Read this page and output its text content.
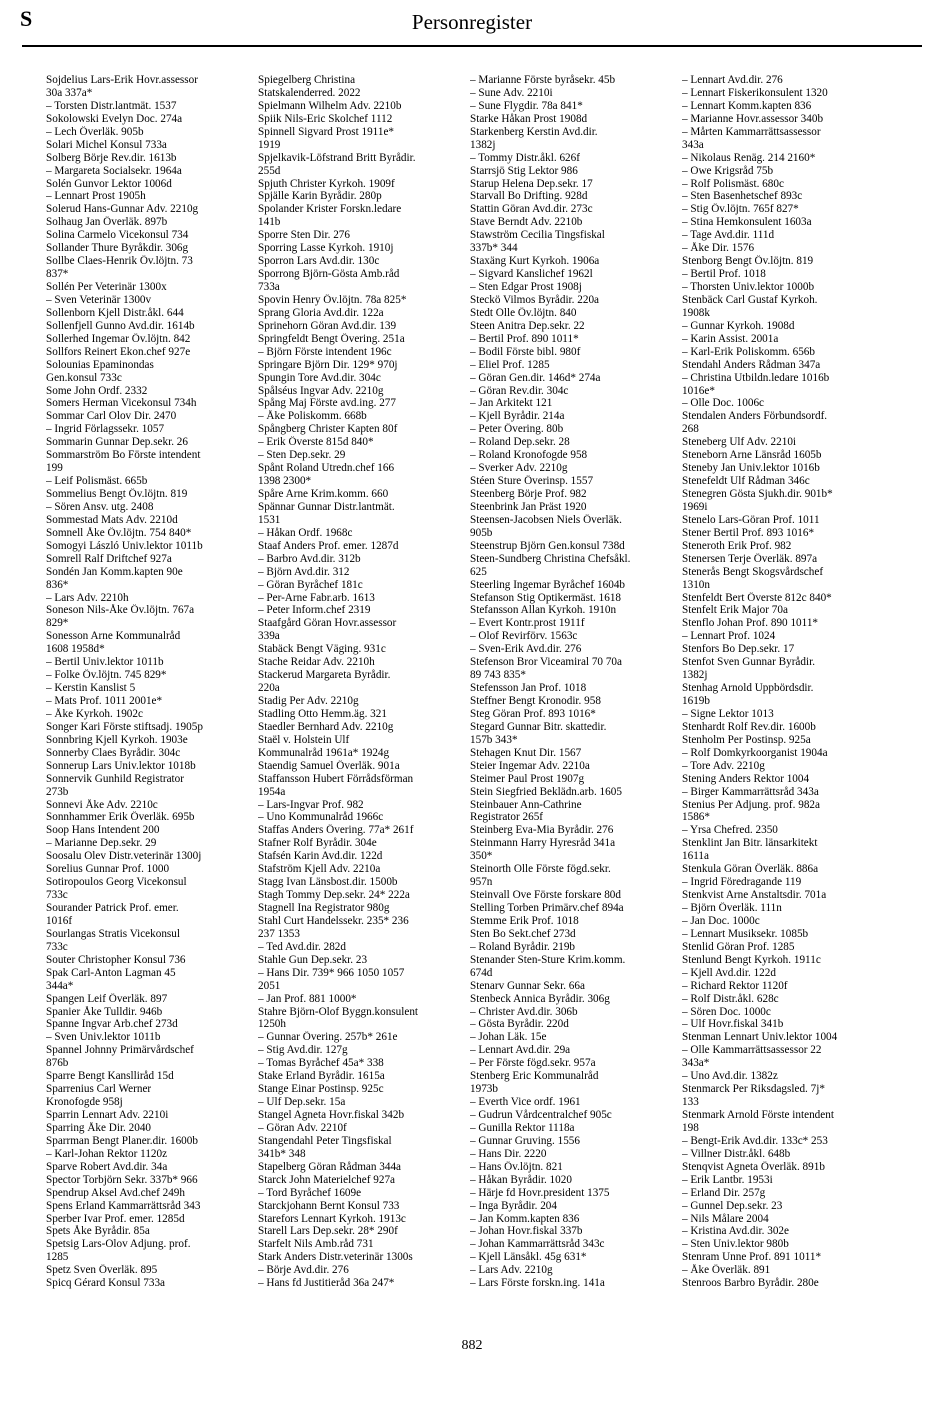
S	Personregister
Sojdelius Lars-Erik Hovr.assessor
30a 337a*
– Torsten Distr.lantmät. 1537
Sokolowski Evelyn Doc. 274a
– Lech Överläk. 905b
Solari Michel Konsul 733a
Solberg Börje Rev.dir. 1613b
– Margareta Socialsekr. 1964a
Solén Gunvor Lektor 1006d
– Lennart Prost 1905h
Solerud Hans-Gunnar Adv. 2210g
Solhaug Jan Överläk. 897b
Solina Carmelo Vicekonsul 734
Sollander Thure Byråkdir. 306g
Sollbe Claes-Henrik Öv.löjtn. 73
837*
Sollén Per Veterinär 1300x
– Sven Veterinär 1300v
Sollenborn Kjell Distr.åkl. 644
Sollenfjell Gunno Avd.dir. 1614b
Sollerhed Ingemar Öv.löjtn. 842
Sollfors Reinert Ekon.chef 927e
Solounias Epaminondas
Gen.konsul 733c
Some John Ordf. 2332
Somers Herman Vicekonsul 734h
Sommar Carl Olov Dir. 2470
– Ingrid Förlagssekr. 1057
Sommarin Gunnar Dep.sekr. 26
Sommarström Bo Förste intendent
199
– Leif Polismäst. 665b
Sommelius Bengt Öv.löjtn. 819
– Sören Ansv. utg. 2408
Sommestad Mats Adv. 2210d
Somnell Åke Öv.löjtn. 754 840*
Somogyi László Univ.lektor 1011b
Somrell Ralf Driftchef 927a
Sondén Jan Komm.kapten 90e
836*
– Lars Adv. 2210h
Soneson Nils-Åke Öv.löjtn. 767a
829*
Sonesson Arne Kommunalråd
1608 1958d*
– Bertil Univ.lektor 1011b
– Folke Öv.löjtn. 745 829*
– Kerstin Kanslist 5
– Mats Prof. 1011 2001e*
– Åke Kyrkoh. 1902c
Songer Kari Förste stiftsadj. 1905p
Sonnbring Kjell Kyrkoh. 1903e
Sonnerby Claes Byrådir. 304c
Sonnerup Lars Univ.lektor 1018b
Sonnervik Gunhild Registrator
273b
Sonnevi Åke Adv. 2210c
Sonnhammer Erik Överläk. 695b
Soop Hans Intendent 200
– Marianne Dep.sekr. 29
Soosalu Olev Distr.veterinär 1300j
Sorelius Gunnar Prof. 1000
Sotiropoulos Georg Vicekonsul
733c
Sourander Patrick Prof. emer.
1016f
Sourlangas Stratis Vicekonsul
733c
Souter Christopher Konsul 736
Spak Carl-Anton Lagman 45
344a*
Spangen Leif Överläk. 897
Spanier Åke Tulldir. 946b
Spanne Ingvar Arb.chef 273d
– Sven Univ.lektor 1011b
Spannel Johnny Primärvårdschef
876b
Sparre Bengt Kanslliråd 15d
Sparrenius Carl Werner
Kronofogde 958j
Sparrin Lennart Adv. 2210i
Sparring Åke Dir. 2040
Sparrman Bengt Planer.dir. 1600b
– Karl-Johan Rektor 1120z
Sparve Robert Avd.dir. 34a
Spector Torbjörn Sekr. 337b* 966
Spendrup Aksel Avd.chef 249h
Spens Erland Kammarrättsråd 343
Sperber Ivar Prof. emer. 1285d
Spets Åke Byrådir. 85a
Spetsig Lars-Olov Adjung. prof.
1285
Spetz Sven Överläk. 895
Spicq Gérard Konsul 733a
Spiegelberg Christina
Statskalenderred. 2022
Spielmann Wilhelm Adv. 2210b
Spiik Nils-Eric Skolchef 1112
Spinnell Sigvard Prost 1911e*
1919
Spjelkavik-Löfstrand Britt Byrådir.
255d
Spjuth Christer Kyrkoh. 1909f
Spjälle Karin Byrådir. 280p
Spolander Krister Forskn.ledare
141b
Sporre Sten Dir. 276
Sporring Lasse Kyrkoh. 1910j
Sporron Lars Avd.dir. 130c
Sporrong Björn-Gösta Amb.råd
733a
Spovin Henry Öv.löjtn. 78a 825*
Sprang Gloria Avd.dir. 122a
Sprinehorn Göran Avd.dir. 139
Springfeldt Bengt Övering. 251a
– Björn Förste intendent 196c
Springare Björn Dir. 129* 970j
Spungin Tore Avd.dir. 304c
Spålséus Ingvar Adv. 2210g
Spång Maj Förste avd.ing. 277
– Åke Poliskomm. 668b
Spångberg Christer Kapten 80f
– Erik Överste 815d 840*
– Sten Dep.sekr. 29
Spånt Roland Utredn.chef 166
1398 2300*
Spåre Arne Krim.komm. 660
Spännar Gunnar Distr.lantmät.
1531
– Håkan Ordf. 1968c
Staaf Anders Prof. emer. 1287d
– Barbro Avd.dir. 312b
– Björn Avd.dir. 312
– Göran Byråchef 181c
– Per-Arne Fabr.arb. 1613
– Peter Inform.chef 2319
Staafgård Göran Hovr.assessor
339a
Stabäck Bengt Väging. 931c
Stache Reidar Adv. 2210h
Stackerud Margareta Byrådir.
220a
Stadig Per Adv. 2210g
Stadling Otto Hemm.äg. 321
Staedler Bernhard Adv. 2210g
Staël v. Holstein Ulf
Kommunalråd 1961a* 1924g
Staendig Samuel Överläk. 901a
Staffansson Hubert Förrådsförman
1954a
– Lars-Ingvar Prof. 982
– Uno Kommunalråd 1966c
Staffas Anders Övering. 77a* 261f
Stafner Rolf Byrådir. 304e
Stafsén Karin Avd.dir. 122d
Stafström Kjell Adv. 2210a
Stagg Ivan Länsbost.dir. 1500b
Stagh Tommy Dep.sekr. 24* 222a
Stagnell Ina Registrator 980g
Stahl Curt Handelssekr. 235* 236
237 1353
– Ted Avd.dir. 282d
Stahle Gun Dep.sekr. 23
– Hans Dir. 739* 966 1050 1057
2051
– Jan Prof. 881 1000*
Stahre Björn-Olof Byggn.konsulent
1250h
– Gunnar Övering. 257b* 261e
– Stig Avd.dir. 127g
– Tomas Byråchef 45a* 338
Stake Erland Byrådir. 1615a
Stange Einar Postinsp. 925c
– Ulf Dep.sekr. 15a
Stangel Agneta Hovr.fiskal 342b
– Göran Adv. 2210f
Stangendahl Peter Tingsfiskal
341b* 348
Stapelberg Göran Rådman 344a
Starck John Materielchef 927a
– Tord Byråchef 1609e
Starckjohann Bernt Konsul 733
Starefors Lennart Kyrkoh. 1913c
Starell Lars Dep.sekr. 28* 290f
Starfelt Nils Amb.råd 731
Stark Anders Distr.veterinär 1300s
– Börje Avd.dir. 276
– Hans fd Justitieråd 36a 247*
– Marianne Förste byråsekr. 45b
– Sune Adv. 2210i
– Sune Flygdir. 78a 841*
Starke Håkan Prost 1908d
Starkenberg Kerstin Avd.dir.
1382j
– Tommy Distr.åkl. 626f
Starrsjö Stig Lektor 986
Starup Helena Dep.sekr. 17
Starvall Bo Drifting. 928d
Stattin Göran Avd.dir. 273c
Stave Berndt Adv. 2210b
Stawström Cecilia Tingsfiskal
337b* 344
Staxäng Kurt Kyrkoh. 1906a
– Sigvard Kanslichef 1962l
– Sten Edgar Prost 1908j
Steckö Vilmos Byrådir. 220a
Stedt Olle Öv.löjtn. 840
Steen Anitra Dep.sekr. 22
– Bertil Prof. 890 1011*
– Bodil Förste bibl. 980f
– Eliel Prof. 1285
– Göran Gen.dir. 146d* 274a
– Göran Rev.dir. 304c
– Jan Arkitekt 121
– Kjell Byrådir. 214a
– Peter Övering. 80b
– Roland Dep.sekr. 28
– Roland Kronofogde 958
– Sverker Adv. 2210g
Stéen Sture Överinsp. 1557
Steenberg Börje Prof. 982
Steenbrink Jan Präst 1920
Steensen-Jacobsen Niels Överläk.
905b
Steenstrup Björn Gen.konsul 738d
Steen-Sundberg Christina Chefsåkl.
625
Steerling Ingemar Byråchef 1604b
Stefanson Stig Optikermäst. 1618
Stefansson Allan Kyrkoh. 1910n
– Evert Kontr.prost 1911f
– Olof Revirförv. 1563c
– Sven-Erik Avd.dir. 276
Stefenson Bror Viceamiral 70 70a
89 743 835*
Stefensson Jan Prof. 1018
Steffner Bengt Kronodir. 958
Steg Göran Prof. 893 1016*
Stegard Gunnar Bitr. skattedir.
157b 343*
Stehagen Knut Dir. 1567
Steier Ingemar Adv. 2210a
Steimer Paul Prost 1907g
Stein Siegfried Beklädn.arb. 1605
Steinbauer Ann-Cathrine
Registrator 265f
Steinberg Eva-Mia Byrådir. 276
Steinmann Harry Hyresråd 341a
350*
Steinorth Olle Förste fögd.sekr.
957n
Steinvall Ove Förste forskare 80d
Stelling Torben Primärv.chef 894a
Stemme Erik Prof. 1018
Sten Bo Sekt.chef 273d
– Roland Byrådir. 219b
Stenander Sten-Sture Krim.komm.
674d
Stenarv Gunnar Sekr. 66a
Stenbeck Annica Byrådir. 306g
– Christer Avd.dir. 306b
– Gösta Byrådir. 220d
– Johan Läk. 15e
– Lennart Avd.dir. 29a
– Per Förste fögd.sekr. 957a
Stenberg Eric Kommunalråd
1973b
– Everth Vice ordf. 1961
– Gudrun Vårdcentralchef 905c
– Gunilla Rektor 1118a
– Gunnar Gruving. 1556
– Hans Dir. 2220
– Hans Öv.löjtn. 821
– Håkan Byrådir. 1020
– Härje fd Hovr.president 1375
– Inga Byrådir. 204
– Jan Komm.kapten 836
– Johan Hovr.fiskal 337b
– Johan Kammarrättsråd 343c
– Kjell Länsåkl. 45g 631*
– Lars Adv. 2210g
– Lars Förste forskn.ing. 141a
– Lennart Avd.dir. 276
– Lennart Fiskerikonsulent 1320
– Lennart Komm.kapten 836
– Marianne Hovr.assessor 340b
– Mårten Kammarrättsassessor
343a
– Nikolaus Renäg. 214 2160*
– Owe Krigsråd 75b
– Rolf Polismäst. 680c
– Sten Basenhetschef 893c
– Stig Öv.löjtn. 765f 827*
– Stina Hemkonsulent 1603a
– Tage Avd.dir. 111d
– Åke Dir. 1576
Stenborg Bengt Öv.löjtn. 819
– Bertil Prof. 1018
– Thorsten Univ.lektor 1000b
Stenbäck Carl Gustaf Kyrkoh.
1908k
– Gunnar Kyrkoh. 1908d
– Karin Assist. 2001a
– Karl-Erik Poliskomm. 656b
Stendahl Anders Rådman 347a
– Christina Utbildn.ledare 1016b
1016e*
– Olle Doc. 1006c
Stendalen Anders Förbundsordf.
268
Steneberg Ulf Adv. 2210i
Steneborn Arne Länsråd 1605b
Steneby Jan Univ.lektor 1016b
Stenefeldt Ulf Rådman 346c
Stenegren Gösta Sjukh.dir. 901b*
1969i
Stenelo Lars-Göran Prof. 1011
Stener Bertil Prof. 893 1016*
Steneroth Erik Prof. 982
Stenersen Terje Överläk. 897a
Stenerås Bengt Skogsvårdschef
1310n
Stenfeldt Bert Överste 812c 840*
Stenfelt Erik Major 70a
Stenflo Johan Prof. 890 1011*
– Lennart Prof. 1024
Stenfors Bo Dep.sekr. 17
Stenfot Sven Gunnar Byrådir.
1382j
Stenhag Arnold Uppbördsdir.
1619b
– Signe Lektor 1013
Stenhardt Rolf Rev.dir. 1600b
Stenholm Per Postinsp. 925a
– Rolf Domkyrkoorganist 1904a
– Tore Adv. 2210g
Stening Anders Rektor 1004
– Birger Kammarrättsråd 343a
Stenius Per Adjung. prof. 982a
1586*
– Yrsa Chefred. 2350
Stenklint Jan Bitr. länsarkitekt
1611a
Stenkula Göran Överläk. 886a
– Ingrid Föredragande 119
Stenkvist Arne Anstaltsdir. 701a
– Björn Överläk. 111n
– Jan Doc. 1000c
– Lennart Musiksekr. 1085b
Stenlid Göran Prof. 1285
Stenlund Bengt Kyrkoh. 1911c
– Kjell Avd.dir. 122d
– Richard Rektor 1120f
– Rolf Distr.åkl. 628c
– Sören Doc. 1000c
– Ulf Hovr.fiskal 341b
Stenman Lennart Univ.lektor 1004
– Olle Kammarrättsassessor 22
343a*
– Uno Avd.dir. 1382z
Stenmarck Per Riksdagsled. 7j*
133
Stenmark Arnold Förste intendent
198
– Bengt-Erik Avd.dir. 133c* 253
– Villner Distr.åkl. 648b
Stenqvist Agneta Överläk. 891b
– Erik Lantbr. 1953i
– Erland Dir. 257g
– Gunnel Dep.sekr. 23
– Nils Målare 2004
– Kristina Avd.dir. 302e
– Sten Univ.lektor 980b
Stenram Unne Prof. 891 1011*
– Åke Överläk. 891
Stenroos Barbro Byrådir. 280e
882
